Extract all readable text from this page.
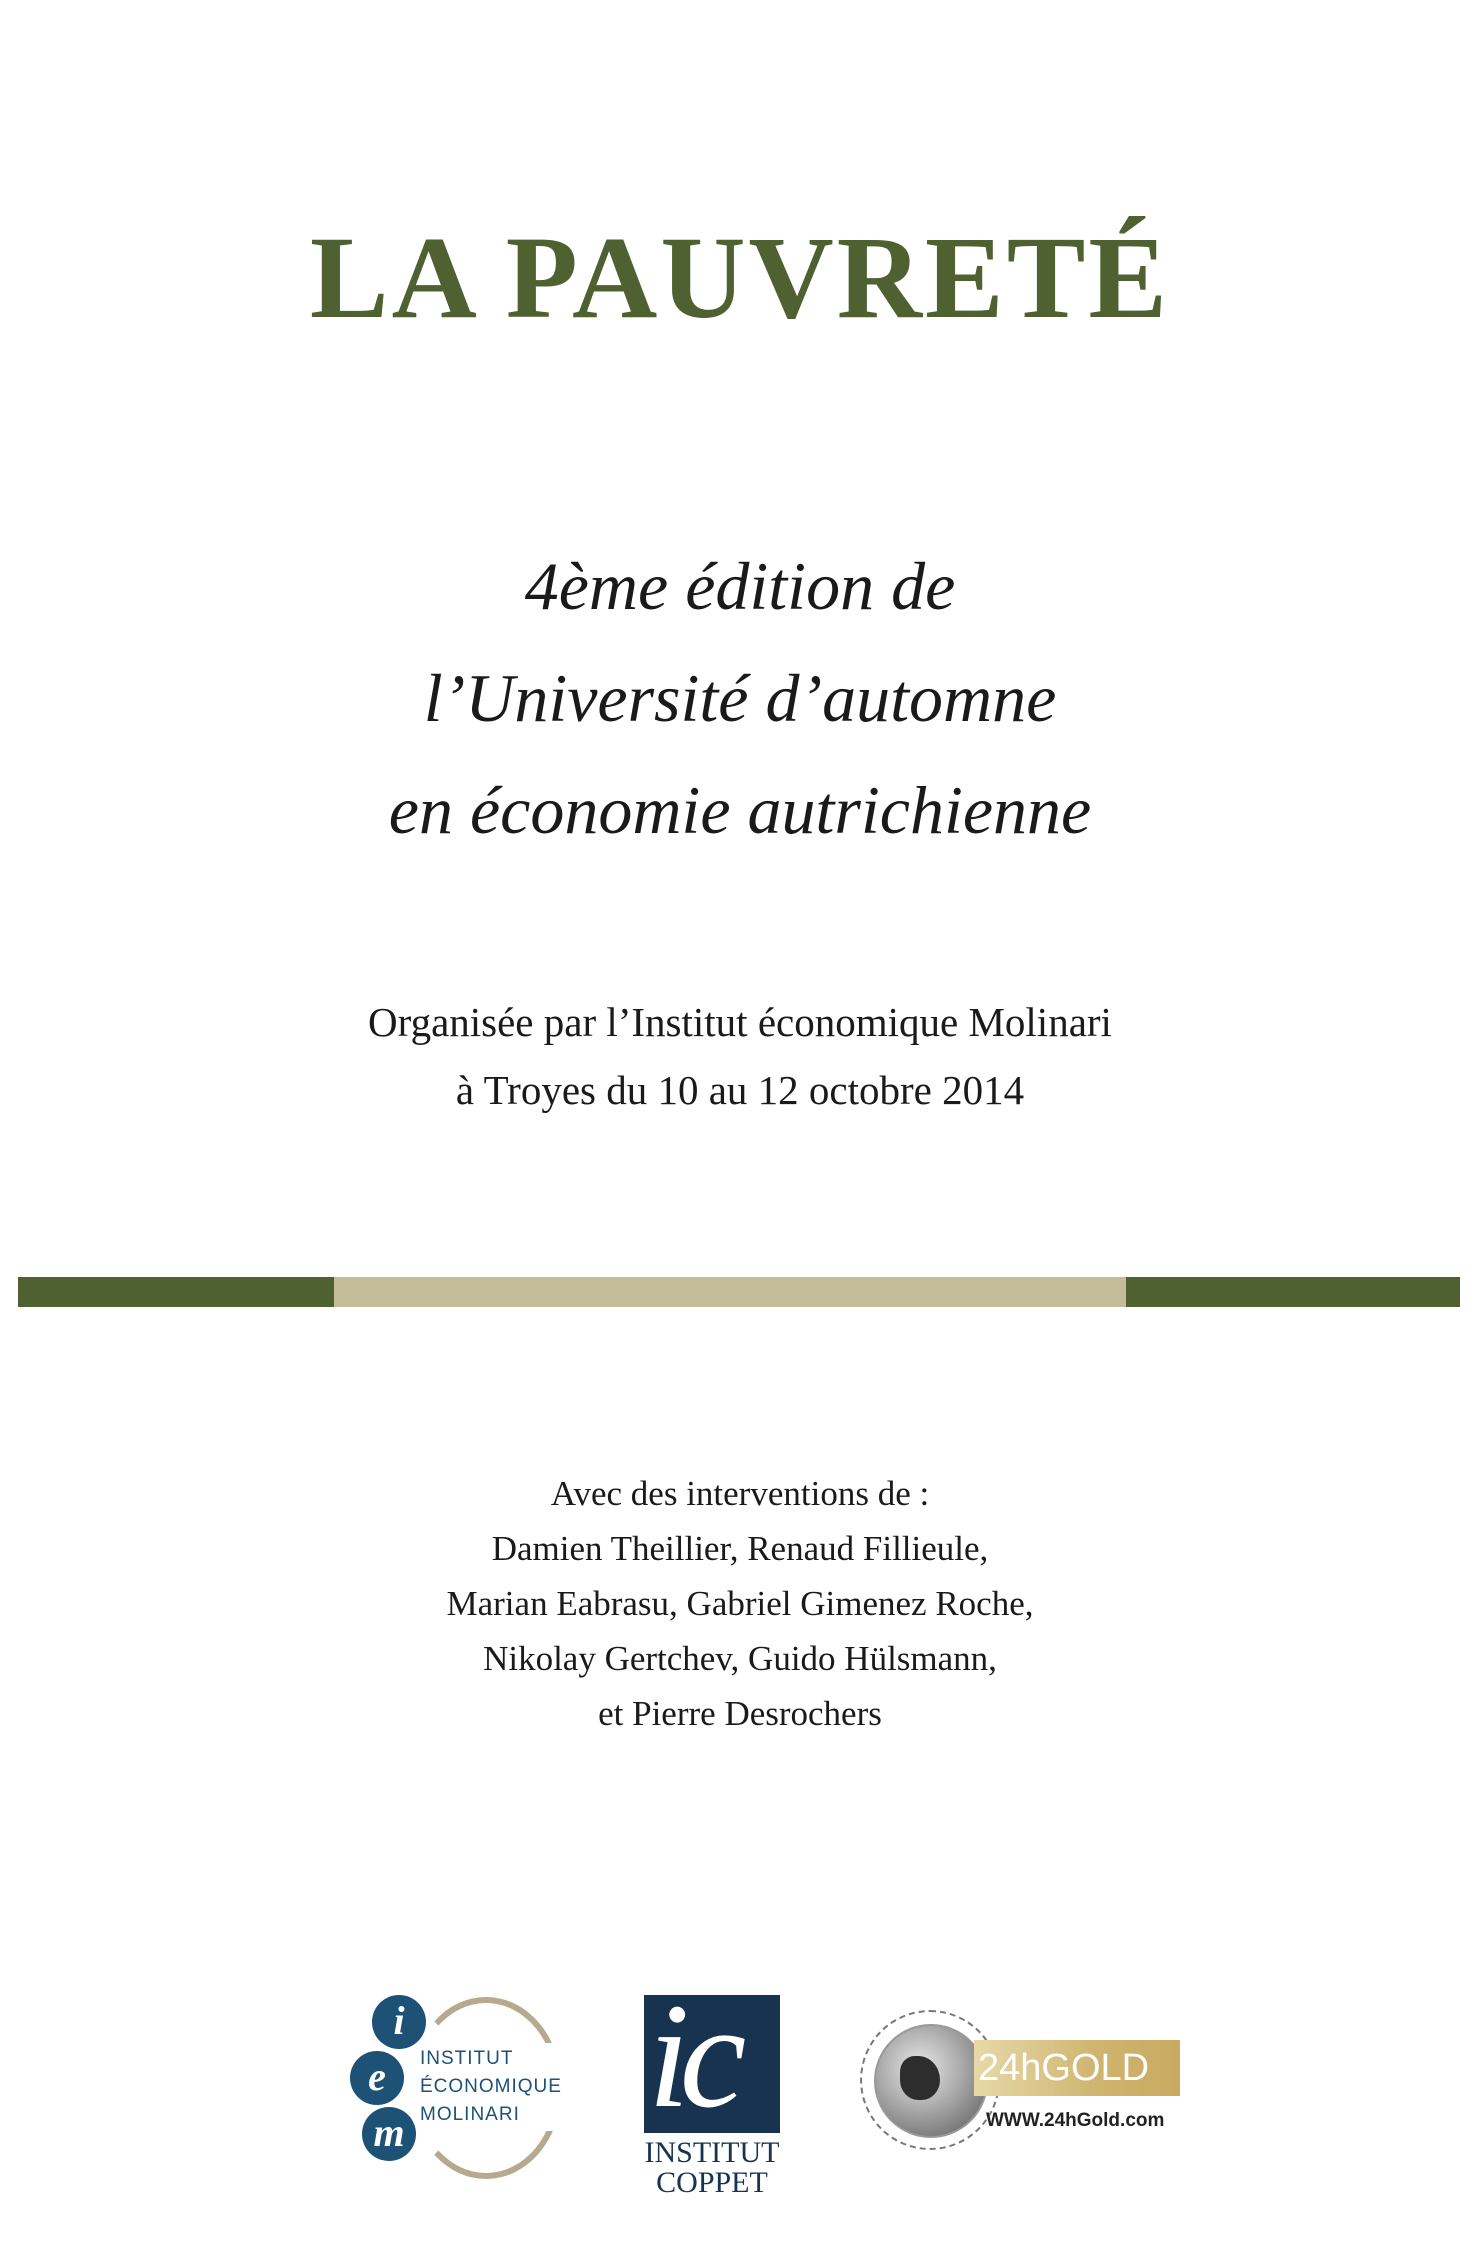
LA PAUVRETÉ
4ème édition de
l’Université d’automne
en économie autrichienne
Organisée par l’Institut économique Molinari
à Troyes du 10 au 12 octobre 2014
Avec des interventions de :
Damien Theillier, Renaud Fillieule,
Marian Eabrasu, Gabriel Gimenez Roche,
Nikolay Gertchev, Guido Hülsmann,
et Pierre Desrochers
i
e
m
INSTITUT
ÉCONOMIQUE
MOLINARI ic
INSTITUT
COPPET
24hGOLD
WWW.24hGold.com
